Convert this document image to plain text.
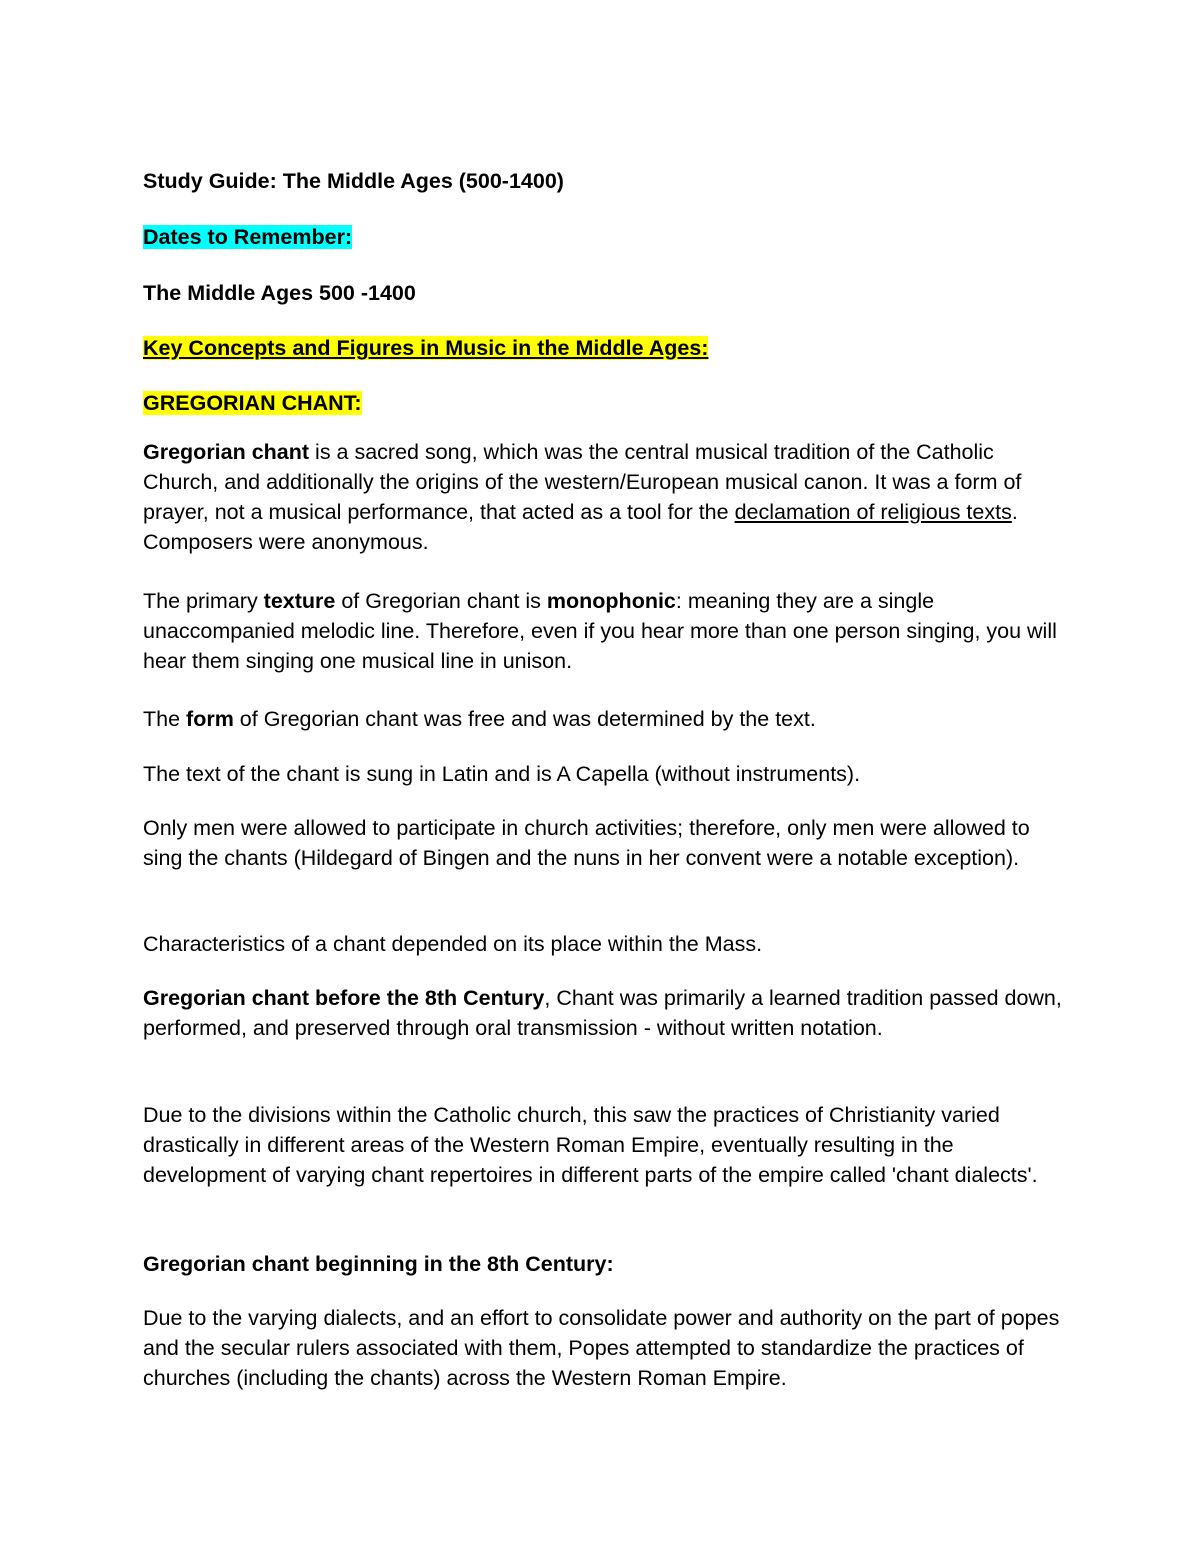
Study Guide: The Middle Ages (500-1400)

Dates to Remember:

The Middle Ages 500 -1400

Key Concepts and Figures in Music in the Middle Ages:

GREGORIAN CHANT:

Gregorian chant is a sacred song, which was the central musical tradition of the Catholic Church, and additionally the origins of the western/European musical canon. It was a form of prayer, not a musical performance, that acted as a tool for the declamation of religious texts. Composers were anonymous.

The primary texture of Gregorian chant is monophonic: meaning they are a single unaccompanied melodic line. Therefore, even if you hear more than one person singing, you will hear them singing one musical line in unison.

The form of Gregorian chant was free and was determined by the text.

The text of the chant is sung in Latin and is A Capella (without instruments).

Only men were allowed to participate in church activities; therefore, only men were allowed to sing the chants (Hildegard of Bingen and the nuns in her convent were a notable exception).

Characteristics of a chant depended on its place within the Mass.

Gregorian chant before the 8th Century, Chant was primarily a learned tradition passed down, performed, and preserved through oral transmission - without written notation.

Due to the divisions within the Catholic church, this saw the practices of Christianity varied drastically in different areas of the Western Roman Empire, eventually resulting in the development of varying chant repertoires in different parts of the empire called 'chant dialects'.

Gregorian chant beginning in the 8th Century:

Due to the varying dialects, and an effort to consolidate power and authority on the part of popes and the secular rulers associated with them, Popes attempted to standardize the practices of churches (including the chants) across the Western Roman Empire.
